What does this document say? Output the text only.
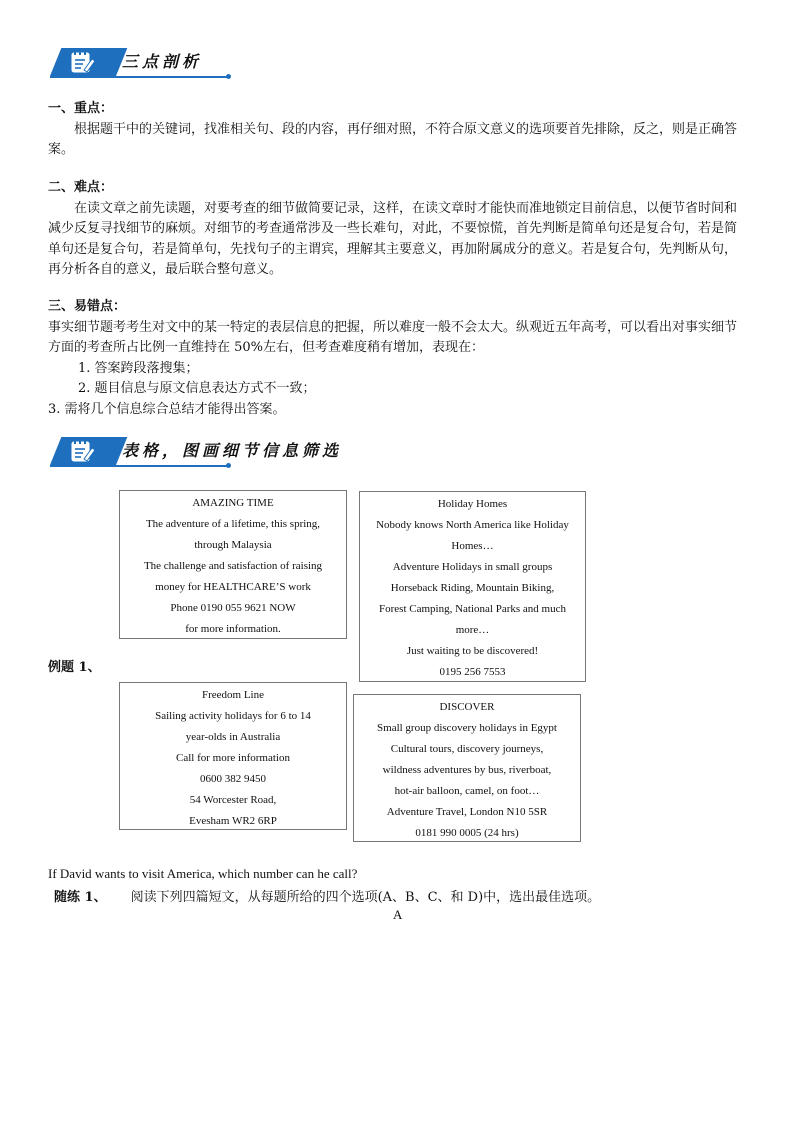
三点剖析

一、重点：

根据题干中的关键词，找准相关句、段的内容，再仔细对照，不符合原文意义的选项要首先排除，反之，则是正确答案。

二、难点：

在读文章之前先读题，对要考查的细节做简要记录，这样，在读文章时才能快而准地锁定目前信息，以便节省时间和减少反复寻找细节的麻烦。对细节的考查通常涉及一些长难句，对此，不要惊慌，首先判断是简单句还是复合句，若是简单句还是复合句，若是简单句，先找句子的主谓宾，理解其主要意义，再加附属成分的意义。若是复合句，先判断从句，再分析各自的意义，最后联合整句意义。

三、易错点：

事实细节题考考生对文中的某一特定的表层信息的把握，所以难度一般不会太大。纵观近五年高考，可以看出对事实细节方面的考查所占比例一直维持在 50%左右，但考查难度稍有增加，表现在：

1. 答案跨段落搜集；

2. 题目信息与原文信息表达方式不一致；

3. 需将几个信息综合总结才能得出答案。

表格，图画细节信息筛选
AMAZING TIME
The adventure of a lifetime, this spring,
through Malaysia
The challenge and satisfaction of raising
money for HEALTHCARE’S work
Phone 0190 055 9621 NOW
for more information.
Holiday Homes
Nobody knows North America like Holiday
Homes…
Adventure Holidays in small groups
Horseback Riding, Mountain Biking,
Forest Camping, National Parks and much
more…
Just waiting to be discovered!
0195 256 7553
例题 1、
Freedom Line
Sailing activity holidays for 6 to 14
year-olds in Australia
Call for more information
0600 382 9450
54 Worcester Road,
Evesham WR2 6RP
DISCOVER
Small group discovery holidays in Egypt
Cultural tours, discovery journeys,
wildness adventures by bus, riverboat,
hot-air balloon, camel, on foot…
Adventure Travel, London N10 5SR
0181 990 0005 (24 hrs)
If David wants to visit America, which number can he call?
随练 1、 阅读下列四篇短文，从每题所给的四个选项(A、B、C、和 D)中，选出最佳选项。
A
